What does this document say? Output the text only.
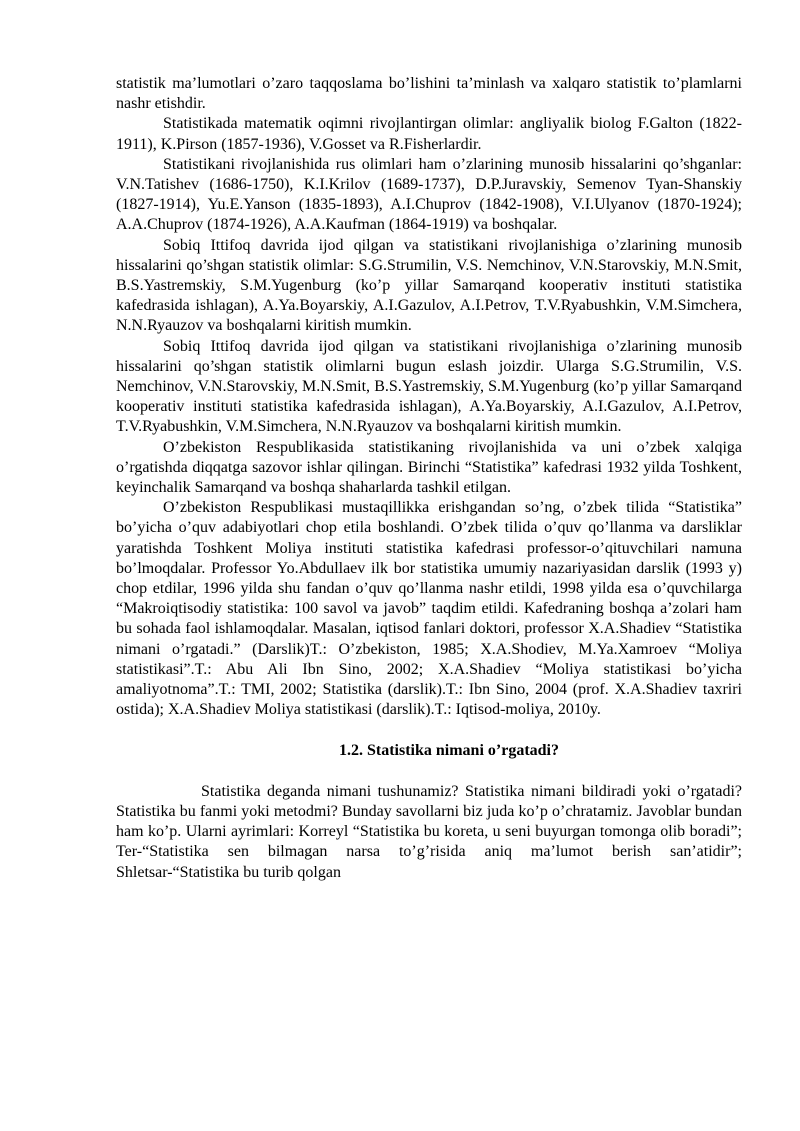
statistik ma’lumotlari o’zaro taqqoslama bo’lishini ta’minlash va xalqaro statistik to’plamlarni nashr etishdir.

Statistikada matematik oqimni rivojlantirgan olimlar: angliyalik biolog F.Galton (1822-1911), K.Pirson (1857-1936), V.Gosset va R.Fisherlardir.

Statistikani rivojlanishida rus olimlari ham o’zlarining munosib hissalarini qo’shganlar: V.N.Tatishev (1686-1750), K.I.Krilov (1689-1737), D.P.Juravskiy, Semenov Tyan-Shanskiy (1827-1914), Yu.E.Yanson (1835-1893), A.I.Chuprov (1842-1908), V.I.Ulyanov (1870-1924); A.A.Chuprov (1874-1926), A.A.Kaufman (1864-1919) va boshqalar.

Sobiq Ittifoq davrida ijod qilgan va statistikani rivojlanishiga o’zlarining munosib hissalarini qo’shgan statistik olimlar: S.G.Strumilin, V.S. Nemchinov, V.N.Starovskiy, M.N.Smit, B.S.Yastremskiy, S.M.Yugenburg (ko’p yillar Samarqand kooperativ instituti statistika kafedrasida ishlagan), A.Ya.Boyarskiy, A.I.Gazulov, A.I.Petrov, T.V.Ryabushkin, V.M.Simchera, N.N.Ryauzov va boshqalarni kiritish mumkin.

Sobiq Ittifoq davrida ijod qilgan va statistikani rivojlanishiga o’zlarining munosib hissalarini qo’shgan statistik olimlarni bugun eslash joizdir. Ularga S.G.Strumilin, V.S. Nemchinov, V.N.Starovskiy, M.N.Smit, B.S.Yastremskiy, S.M.Yugenburg (ko’p yillar Samarqand kooperativ instituti statistika kafedrasida ishlagan), A.Ya.Boyarskiy, A.I.Gazulov, A.I.Petrov, T.V.Ryabushkin, V.M.Simchera, N.N.Ryauzov va boshqalarni kiritish mumkin.

O’zbekiston Respublikasida statistikaning rivojlanishida va uni o’zbek xalqiga o’rgatishda diqqatga sazovor ishlar qilingan. Birinchi “Statistika” kafedrasi 1932 yilda Toshkent, keyinchalik Samarqand va boshqa shaharlarda tashkil etilgan.

O’zbekiston Respublikasi mustaqillikka erishgandan so’ng, o’zbek tilida “Statistika” bo’yicha o’quv adabiyotlari chop etila boshlandi. O’zbek tilida o’quv qo’llanma va darsliklar yaratishda Toshkent Moliya instituti statistika kafedrasi professor-o’qituvchilari namuna bo’lmoqdalar. Professor Yo.Abdullaev ilk bor statistika umumiy nazariyasidan darslik (1993 y) chop etdilar, 1996 yilda shu fandan o’quv qo’llanma nashr etildi, 1998 yilda esa o’quvchilarga “Makroiqtisodiy statistika: 100 savol va javob” taqdim etildi. Kafedraning boshqa a’zolari ham bu sohada faol ishlamoqdalar. Masalan, iqtisod fanlari doktori, professor X.A.Shadiev “Statistika nimani o’rgatadi.” (Darslik)T.: O’zbekiston, 1985; X.A.Shodiev, M.Ya.Xamroev “Moliya statistikasi”.T.: Abu Ali Ibn Sino, 2002; X.A.Shadiev “Moliya statistikasi bo’yicha amaliyotnoma”.T.: TMI, 2002; Statistika (darslik).T.: Ibn Sino, 2004 (prof. X.A.Shadiev taxriri ostida); X.A.Shadiev Moliya statistikasi (darslik).T.: Iqtisod-moliya, 2010y.

1.2. Statistika nimani o’rgatadi?

Statistika deganda nimani tushunamiz? Statistika nimani bildiradi yoki o’rgatadi? Statistika bu fanmi yoki metodmi? Bunday savollarni biz juda ko’p o’chratamiz. Javoblar bundan ham ko’p. Ularni ayrimlari: Korreyl “Statistika bu koreta, u seni buyurgan tomonga olib boradi”; Ter-“Statistika sen bilmagan narsa to’g’risida aniq ma’lumot berish san’atidir”; Shletsar-“Statistika bu turib qolgan
